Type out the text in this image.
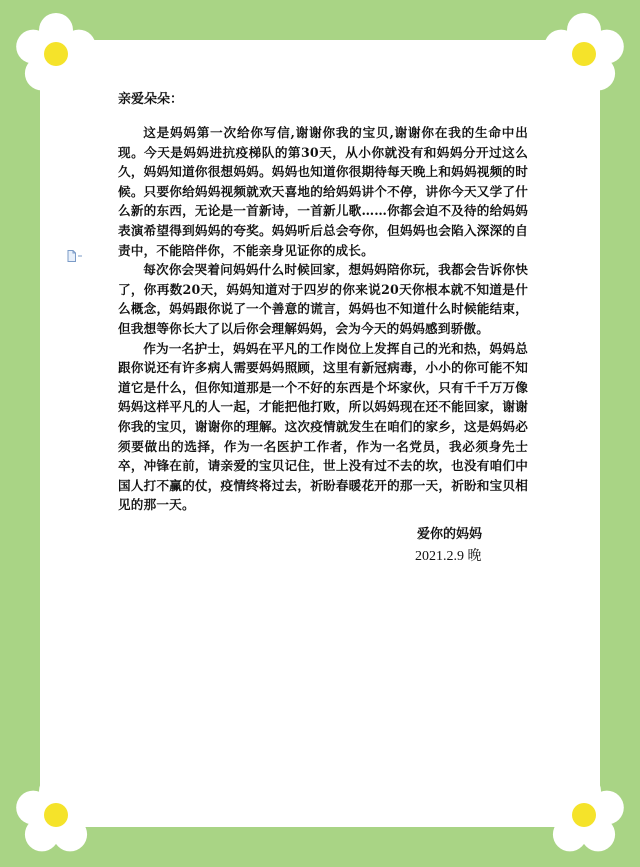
亲爱朵朵：

这是妈妈第一次给你写信,谢谢你我的宝贝,谢谢你在我的生命中出现。今天是妈妈进抗疫梯队的第30天，从小你就没有和妈妈分开过这么久，妈妈知道你很想妈妈。妈妈也知道你很期待每天晚上和妈妈视频的时候。只要你给妈妈视频就欢天喜地的给妈妈讲个不停，讲你今天又学了什么新的东西，无论是一首新诗，一首新儿歌……你都会迫不及待的给妈妈表演希望得到妈妈的夸奖。妈妈听后总会夸你，但妈妈也会陷入深深的自责中，不能陪伴你，不能亲身见证你的成长。

每次你会哭着问妈妈什么时候回家，想妈妈陪你玩，我都会告诉你快了，你再数20天，妈妈知道对于四岁的你来说20天你根本就不知道是什么概念，妈妈跟你说了一个善意的谎言，妈妈也不知道什么时候能结束，但我想等你长大了以后你会理解妈妈，会为今天的妈妈感到骄傲。

作为一名护士，妈妈在平凡的工作岗位上发挥自己的光和热，妈妈总跟你说还有许多病人需要妈妈照顾，这里有新冠病毒，小小的你可能不知道它是什么，但你知道那是一个不好的东西是个坏家伙，只有千千万万像妈妈这样平凡的人一起，才能把他打败，所以妈妈现在还不能回家，谢谢你我的宝贝，谢谢你的理解。这次疫情就发生在咱们的家乡，这是妈妈必须要做出的选择，作为一名医护工作者，作为一名党员，我必须身先士卒，冲锋在前，请亲爱的宝贝记住，世上没有过不去的坎，也没有咱们中国人打不赢的仗，疫情终将过去，祈盼春暖花开的那一天，祈盼和宝贝相见的那一天。

爱你的妈妈
2021.2.9 晚
